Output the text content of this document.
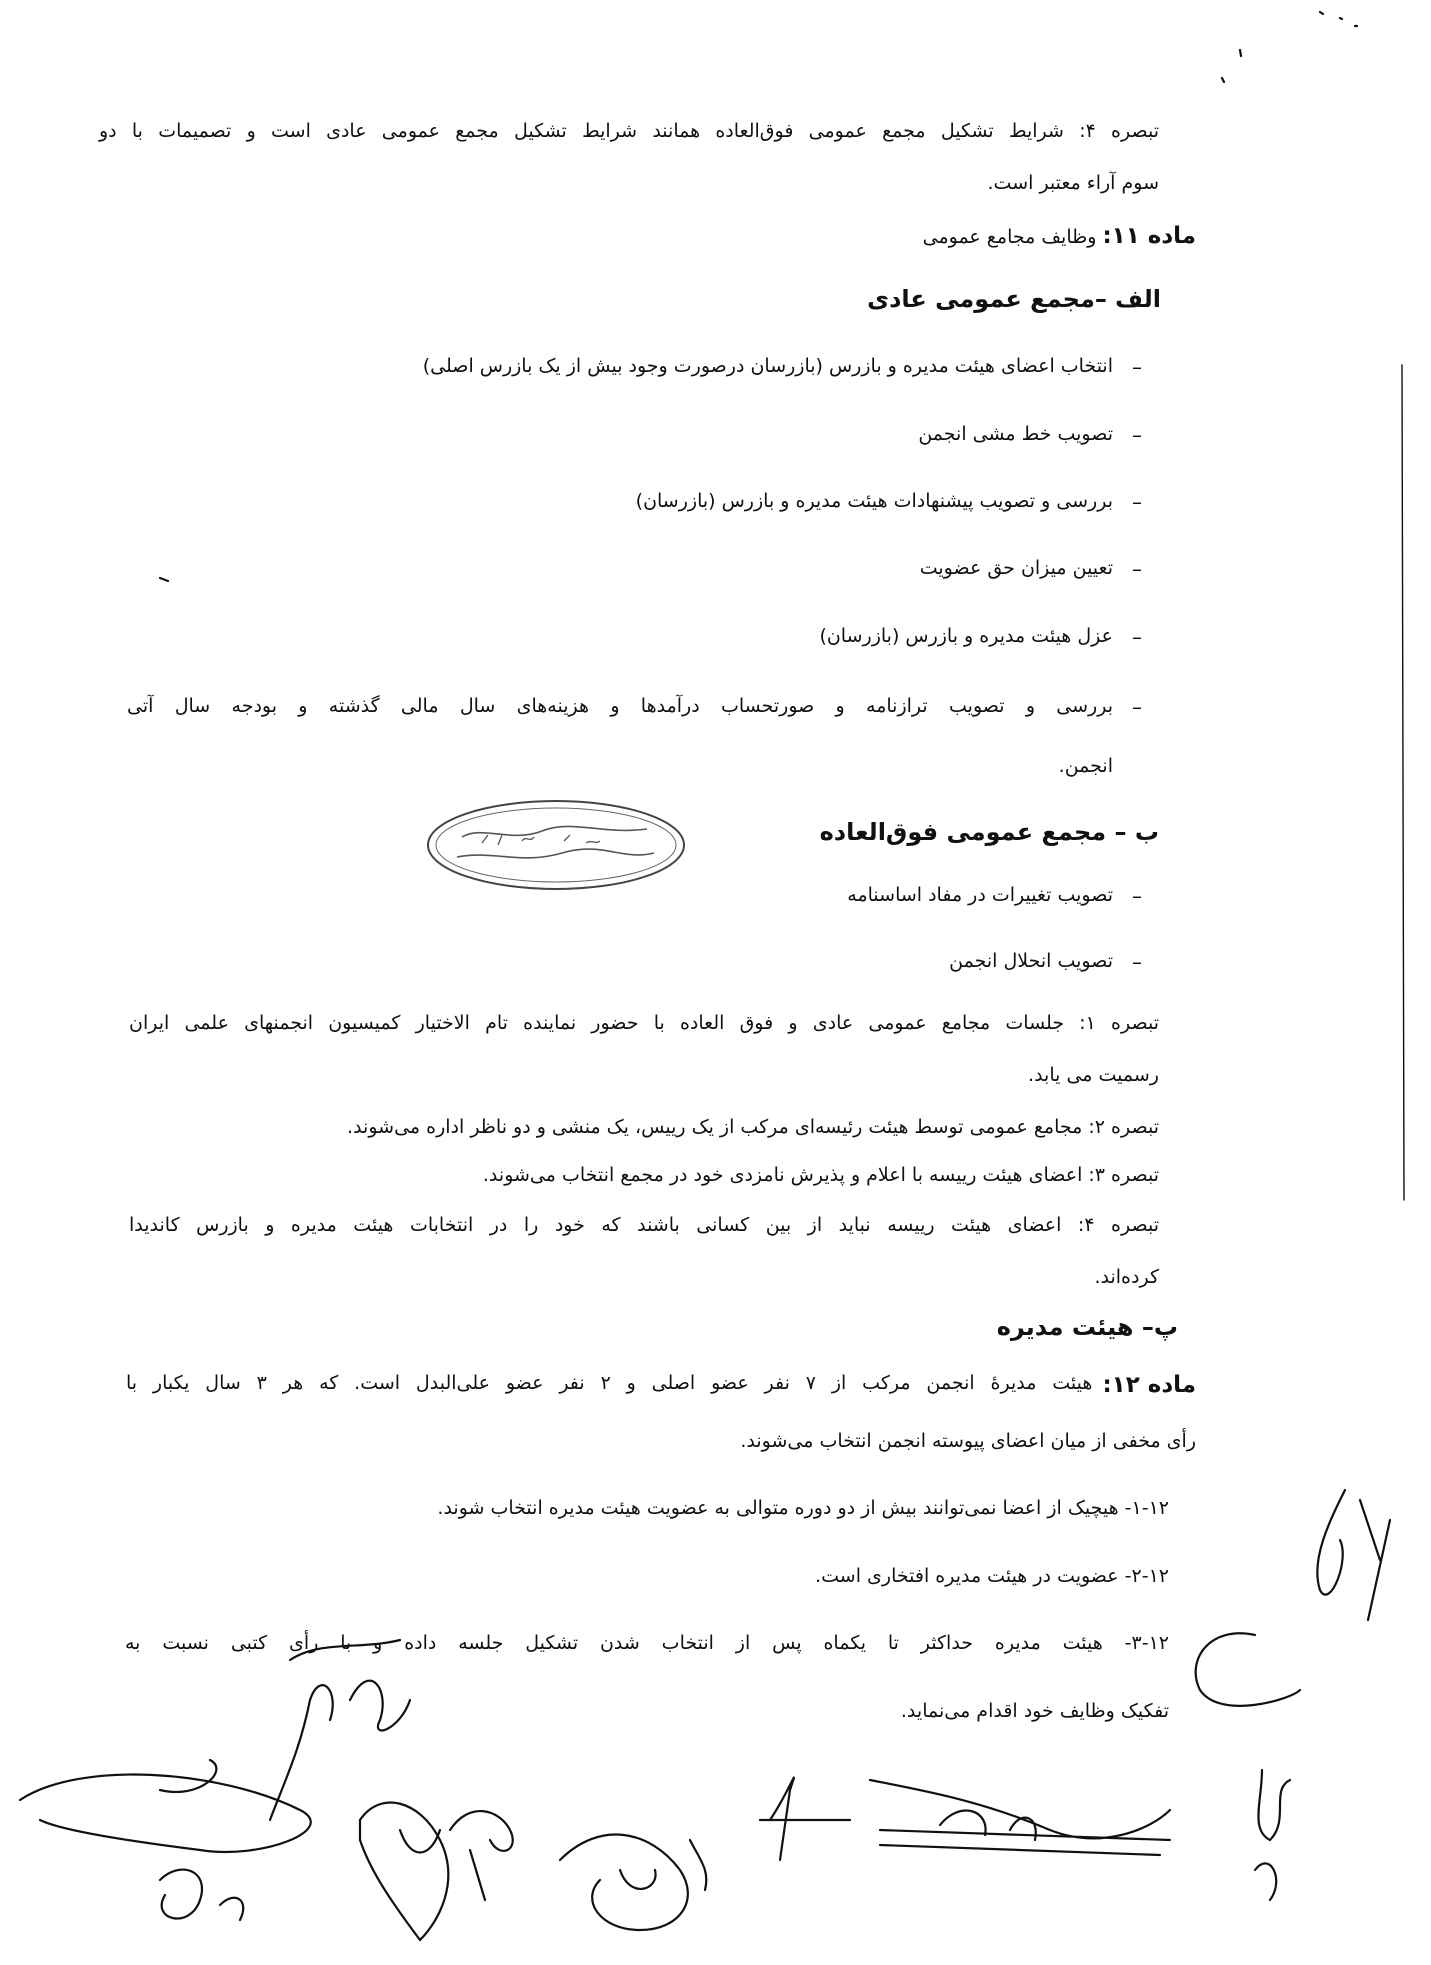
تبصره ۴: شرایط تشکیل مجمع عمومی فوق‌العاده همانند شرایط تشکیل مجمع عمومی عادی است و تصمیمات با دو
سوم آراء معتبر است.
ماده ۱۱: وظایف مجامع عمومی
الف –مجمع عمومی عادی
–
انتخاب اعضای هیئت مدیره و بازرس (بازرسان درصورت وجود بیش از یک بازرس اصلی)
–
تصویب خط مشی انجمن
–
بررسی و تصویب پیشنهادات هیئت مدیره و بازرس (بازرسان)
–
تعیین میزان حق عضویت
–
عزل هیئت مدیره و بازرس (بازرسان)
–
بررسی و تصویب ترازنامه و صورتحساب درآمدها و هزینه‌های سال مالی گذشته و بودجه سال آتی
انجمن.
ب – مجمع عمومی فوق‌العاده
–
تصویب تغییرات در مفاد اساسنامه
–
تصویب انحلال انجمن
تبصره ۱: جلسات مجامع عمومی عادی و فوق العاده با حضور نماینده تام الاختیار کمیسیون انجمنهای علمی ایران
رسمیت می یابد.
تبصره ۲: مجامع عمومی توسط هیئت رئیسه‌ای مرکب از یک رییس، یک منشی و دو ناظر اداره می‌شوند.
تبصره ۳: اعضای هیئت رییسه با اعلام و پذیرش نامزدی خود در مجمع انتخاب می‌شوند.
تبصره ۴: اعضای هیئت رییسه نباید از بین کسانی باشند که خود را در انتخابات هیئت مدیره و بازرس کاندیدا
کرده‌اند.
پ– هیئت مدیره
ماده ۱۲:
هیئت مدیرهٔ انجمن مرکب از ۷ نفر عضو اصلی و ۲ نفر عضو علی‌البدل است. که هر ۳ سال یکبار با
رأی مخفی از میان اعضای پیوسته انجمن انتخاب می‌شوند.
۱-۱۲- هیچیک از اعضا نمی‌توانند بیش از دو دوره متوالی به عضویت هیئت مدیره انتخاب شوند.
۲-۱۲- عضویت در هیئت مدیره افتخاری است.
۳-۱۲- هیئت مدیره حداکثر تا یکماه پس از انتخاب شدن تشکیل جلسه داده و با رأی کتبی نسبت به
تفکیک وظایف خود اقدام می‌نماید.
